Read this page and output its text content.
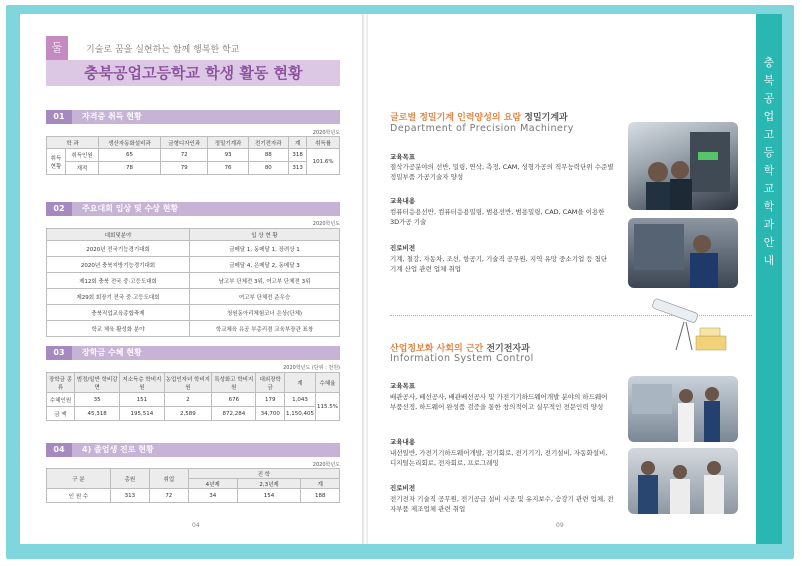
둘	기술로 꿈을 실현하는 함께 행복한 학교
충북공업고등학교 학생 활동 현황
01	자격증 취득 현황
2020학년도
학 과		생산자동화설비과	금형디자인과	정밀기계과	전기전자과	계	취득률
취득 현황	취득인원	65	72	93	88	318	101.6%
	재적	78	79	76	80	313	
02	주요대회 입상 및 수상 현황
2020학년도
대회및분야	입 상 현 황
2020년 전국기능경기대회	금메달 1, 동메달 1, 장려상 1
2020년 충북지방기능경기대회	금메달 4, 은메달 2, 동메달 3
제12회 충북 전국 중·고등도대회	남고부 단체전 3위, 여고부 단체전 3위
제29회 회장기 전국 중·고등도대회	여고부 단체전 준우승
충북직업교육종합축제	청원동아리체험코너 은상(단체)
학교 체육 활성화 분야	학교체육 유공 부총리겸 교육부장관 표창
03	장학금 수혜 현황
2020학년도 (단위 : 천원)
장학금 종류	범정/일반 학비감면	저소득층 학비지원	농업인자녀 학비지원	특성화고 학비지원	대외장학금	계	수혜율
수혜인원	35	151	2	676	179	1,043	115.5%
금 액	45,318	195,514	2,589	872,284	34,700	1,150,405	
04	4) 졸업생 진로 현황
2020학년도
구 분	총원	취업	진 학		
			4년제	2,3년제	계
인 원 수	313	72	34	154	188
04
충
북
공
업
고
등
학
교
학
과
안
내
글로벌 정밀기계 인력양성의 요람 정밀기계과
Department of Precision Machinery
교육목표
절삭가공분야의 선반, 밀링, 연삭, 측정, CAM, 성형가공의 직무능력단위 수준별 정밀부품 가공기술자 양성
교육내용
컴퓨터응용선반, 컴퓨터응용밀링, 범용선반, 범용밀링, CAD, CAM을 이용한 3D가공 기술
진로비전
기계, 철강, 자동차, 조선, 항공기, 기술직 공무원, 지역 유망 중소기업 등 첨단 기계 산업 관련 업체 취업
산업정보화 사회의 근간 전기전자과
Information System Control
교육목표
배관공사, 배선공사, 배관배선공사 및 가전기기하드웨어개발 분야의 하드웨어 부품선정, 하드웨어 완성품 검증을 통한 창의적이고 실무적인 전문인력 양성
교육내용
내선일반, 가전기기하드웨어개발, 전기회로, 전기기기, 전기설비, 자동화설비, 디지털논리회로, 전자회로, 프로그래밍
진로비전
전기전자 기술직 공무원, 전기공급 설비 시공 및 유지보수, 승강기 관련 업체, 전자부품 제조업체 관련 취업
09
